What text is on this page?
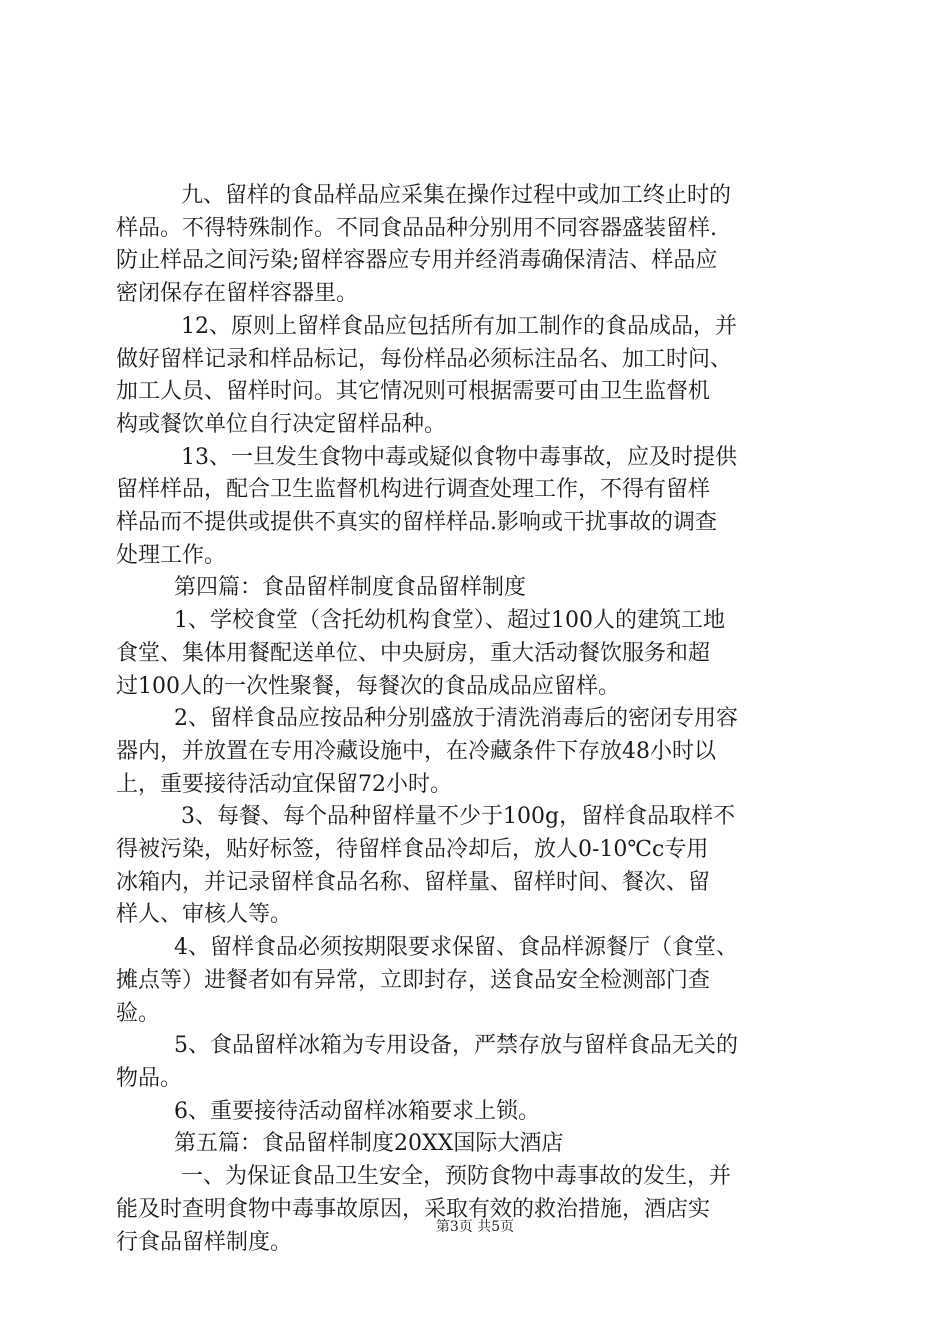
九、留样的食品样品应采集在操作过程中或加工终止时的
样品。不得特殊制作。不同食品品种分别用不同容器盛装留样.
防止样品之间污染;留样容器应专用并经消毒确保清洁、样品应
密闭保存在留样容器里。
12、原则上留样食品应包括所有加工制作的食品成品，并
做好留样记录和样品标记，每份样品必须标注品名、加工时问、
加工人员、留样时问。其它情况则可根据需要可由卫生监督机
构或餐饮单位自行决定留样品种。
13、一旦发生食物中毒或疑似食物中毒事故，应及时提供
留样样品，配合卫生监督机构进行调查处理工作，不得有留样
样品而不提供或提供不真实的留样样品.影响或干扰事故的调查
处理工作。
第四篇：食品留样制度食品留样制度
1、学校食堂（含托幼机构食堂）、超过100人的建筑工地
食堂、集体用餐配送单位、中央厨房，重大活动餐饮服务和超
过100人的一次性聚餐，每餐次的食品成品应留样。
2、留样食品应按品种分别盛放于清洗消毒后的密闭专用容
器内，并放置在专用冷藏设施中，在冷藏条件下存放48小时以
上，重要接待活动宜保留72小时。
3、每餐、每个品种留样量不少于100g，留样食品取样不
得被污染，贴好标签，待留样食品冷却后，放人0-10℃c专用
冰箱内，并记录留样食品名称、留样量、留样时间、餐次、留
样人、审核人等。
4、留样食品必须按期限要求保留、食品样源餐厅（食堂、
摊点等）进餐者如有异常，立即封存，送食品安全检测部门查
验。
5、食品留样冰箱为专用设备，严禁存放与留样食品无关的
物品。
6、重要接待活动留样冰箱要求上锁。
第五篇：食品留样制度20XX国际大酒店
一、为保证食品卫生安全，预防食物中毒事故的发生，并
能及时查明食物中毒事故原因，采取有效的救治措施，酒店实
行食品留样制度。
第3页 共5页
